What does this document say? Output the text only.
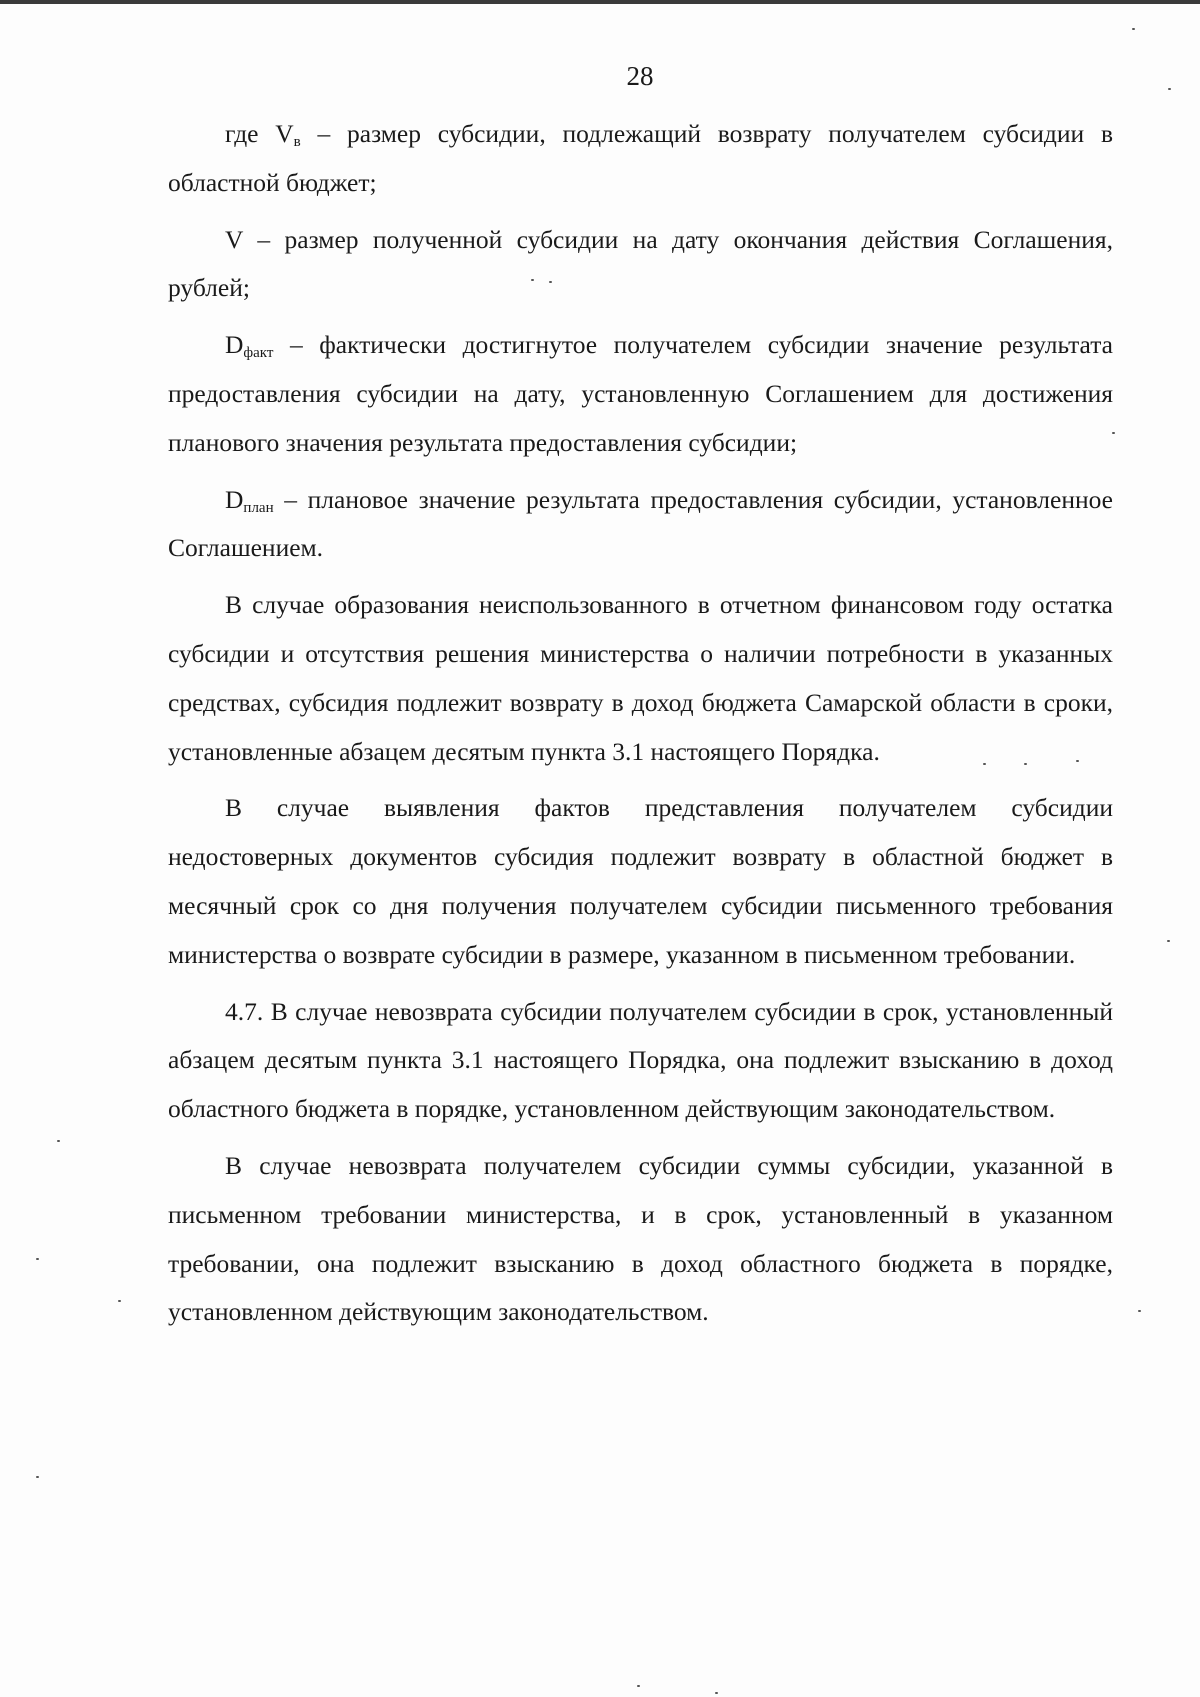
28

где $V_в$ – размер субсидии, подлежащий возврату получателем субсидии в областной бюджет;

V – размер полученной субсидии на дату окончания действия Соглашения, рублей;

$D_{факт}$ – фактически достигнутое получателем субсидии значение результата предоставления субсидии на дату, установленную Соглашением для достижения планового значения результата предоставления субсидии;

$D_{план}$ – плановое значение результата предоставления субсидии, установленное Соглашением.

В случае образования неиспользованного в отчетном финансовом году остатка субсидии и отсутствия решения министерства о наличии потребности в указанных средствах, субсидия подлежит возврату в доход бюджета Самарской области в сроки, установленные абзацем десятым пункта 3.1 настоящего Порядка.

В случае выявления фактов представления получателем субсидии недостоверных документов субсидия подлежит возврату в областной бюджет в месячный срок со дня получения получателем субсидии письменного требования министерства о возврате субсидии в размере, указанном в письменном требовании.

4.7. В случае невозврата субсидии получателем субсидии в срок, установленный абзацем десятым пункта 3.1 настоящего Порядка, она подлежит взысканию в доход областного бюджета в порядке, установленном действующим законодательством.

В случае невозврата получателем субсидии суммы субсидии, указанной в письменном требовании министерства, и в срок, установленный в указанном требовании, она подлежит взысканию в доход областного бюджета в порядке, установленном действующим законодательством.
